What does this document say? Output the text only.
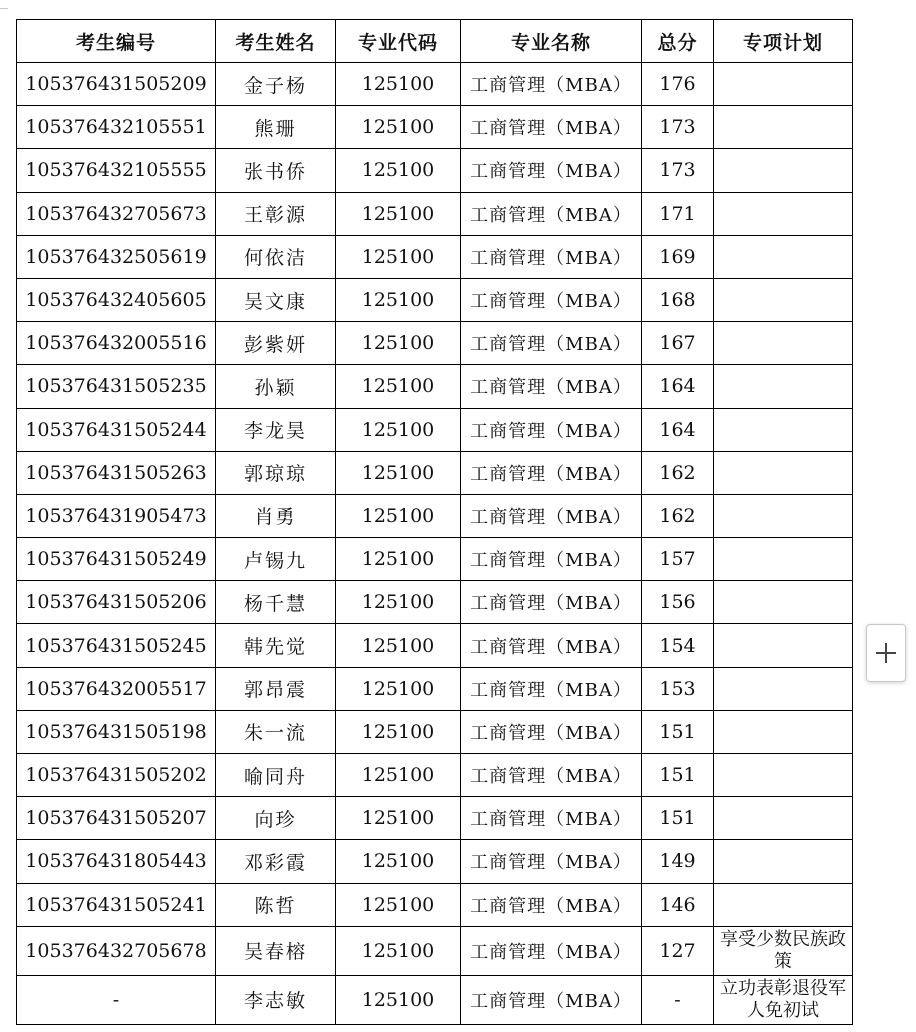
考生编号	考生姓名	专业代码	专业名称	总分	专项计划
105376431505209	金子杨	125100	工商管理（MBA）	176	
105376432105551	熊珊	125100	工商管理（MBA）	173	
105376432105555	张书侨	125100	工商管理（MBA）	173	
105376432705673	王彰源	125100	工商管理（MBA）	171	
105376432505619	何依洁	125100	工商管理（MBA）	169	
105376432405605	吴文康	125100	工商管理（MBA）	168	
105376432005516	彭紫妍	125100	工商管理（MBA）	167	
105376431505235	孙颖	125100	工商管理（MBA）	164	
105376431505244	李龙昊	125100	工商管理（MBA）	164	
105376431505263	郭琼琼	125100	工商管理（MBA）	162	
105376431905473	肖勇	125100	工商管理（MBA）	162	
105376431505249	卢锡九	125100	工商管理（MBA）	157	
105376431505206	杨千慧	125100	工商管理（MBA）	156	
105376431505245	韩先觉	125100	工商管理（MBA）	154	
105376432005517	郭昂震	125100	工商管理（MBA）	153	
105376431505198	朱一流	125100	工商管理（MBA）	151	
105376431505202	喻同舟	125100	工商管理（MBA）	151	
105376431505207	向珍	125100	工商管理（MBA）	151	
105376431805443	邓彩霞	125100	工商管理（MBA）	149	
105376431505241	陈哲	125100	工商管理（MBA）	146	
105376432705678	吴春榕	125100	工商管理（MBA）	127	享受少数民族政策
-	李志敏	125100	工商管理（MBA）	-	立功表彰退役军人免初试
